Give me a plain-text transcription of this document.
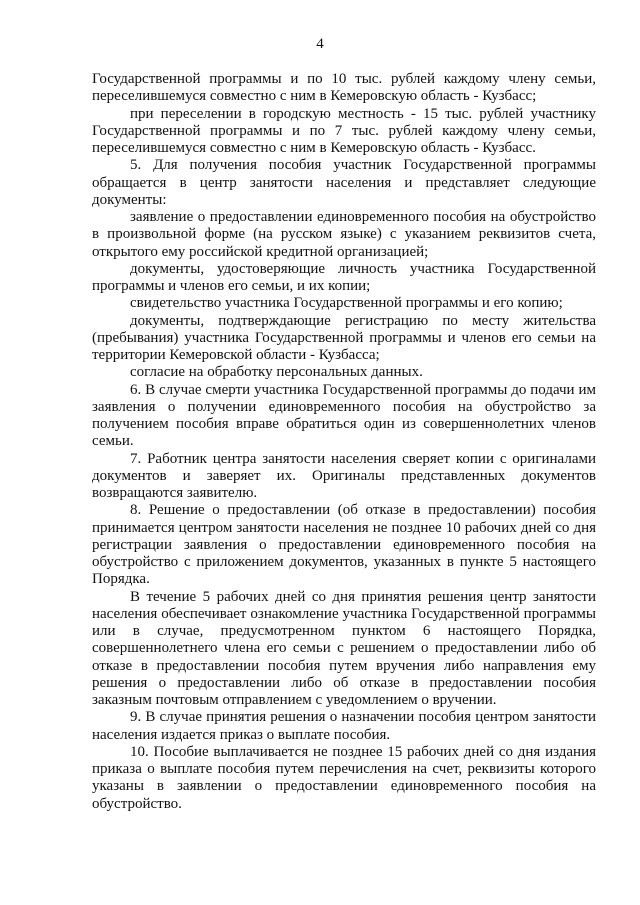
4

Государственной программы и по 10 тыс. рублей каждому члену семьи, переселившемуся совместно с ним в Кемеровскую область - Кузбасс;

при переселении в городскую местность - 15 тыс. рублей участнику Государственной программы и по 7 тыс. рублей каждому члену семьи, переселившемуся совместно с ним в Кемеровскую область - Кузбасс.

5. Для получения пособия участник Государственной программы обращается в центр занятости населения и представляет следующие документы:

заявление о предоставлении единовременного пособия на обустройство в произвольной форме (на русском языке) с указанием реквизитов счета, открытого ему российской кредитной организацией;

документы, удостоверяющие личность участника Государственной программы и членов его семьи, и их копии;

свидетельство участника Государственной программы и его копию;

документы, подтверждающие регистрацию по месту жительства (пребывания) участника Государственной программы и членов его семьи на территории Кемеровской области - Кузбасса;

согласие на обработку персональных данных.

6. В случае смерти участника Государственной программы до подачи им заявления о получении единовременного пособия на обустройство за получением пособия вправе обратиться один из совершеннолетних членов семьи.

7. Работник центра занятости населения сверяет копии с оригиналами документов и заверяет их. Оригиналы представленных документов возвращаются заявителю.

8. Решение о предоставлении (об отказе в предоставлении) пособия принимается центром занятости населения не позднее 10 рабочих дней со дня регистрации заявления о предоставлении единовременного пособия на обустройство с приложением документов, указанных в пункте 5 настоящего Порядка.

В течение 5 рабочих дней со дня принятия решения центр занятости населения обеспечивает ознакомление участника Государственной программы или в случае, предусмотренном пунктом 6 настоящего Порядка, совершеннолетнего члена его семьи с решением о предоставлении либо об отказе в предоставлении пособия путем вручения либо направления ему решения о предоставлении либо об отказе в предоставлении пособия заказным почтовым отправлением с уведомлением о вручении.

9. В случае принятия решения о назначении пособия центром занятости населения издается приказ о выплате пособия.

10. Пособие выплачивается не позднее 15 рабочих дней со дня издания приказа о выплате пособия путем перечисления на счет, реквизиты которого указаны в заявлении о предоставлении единовременного пособия на обустройство.
